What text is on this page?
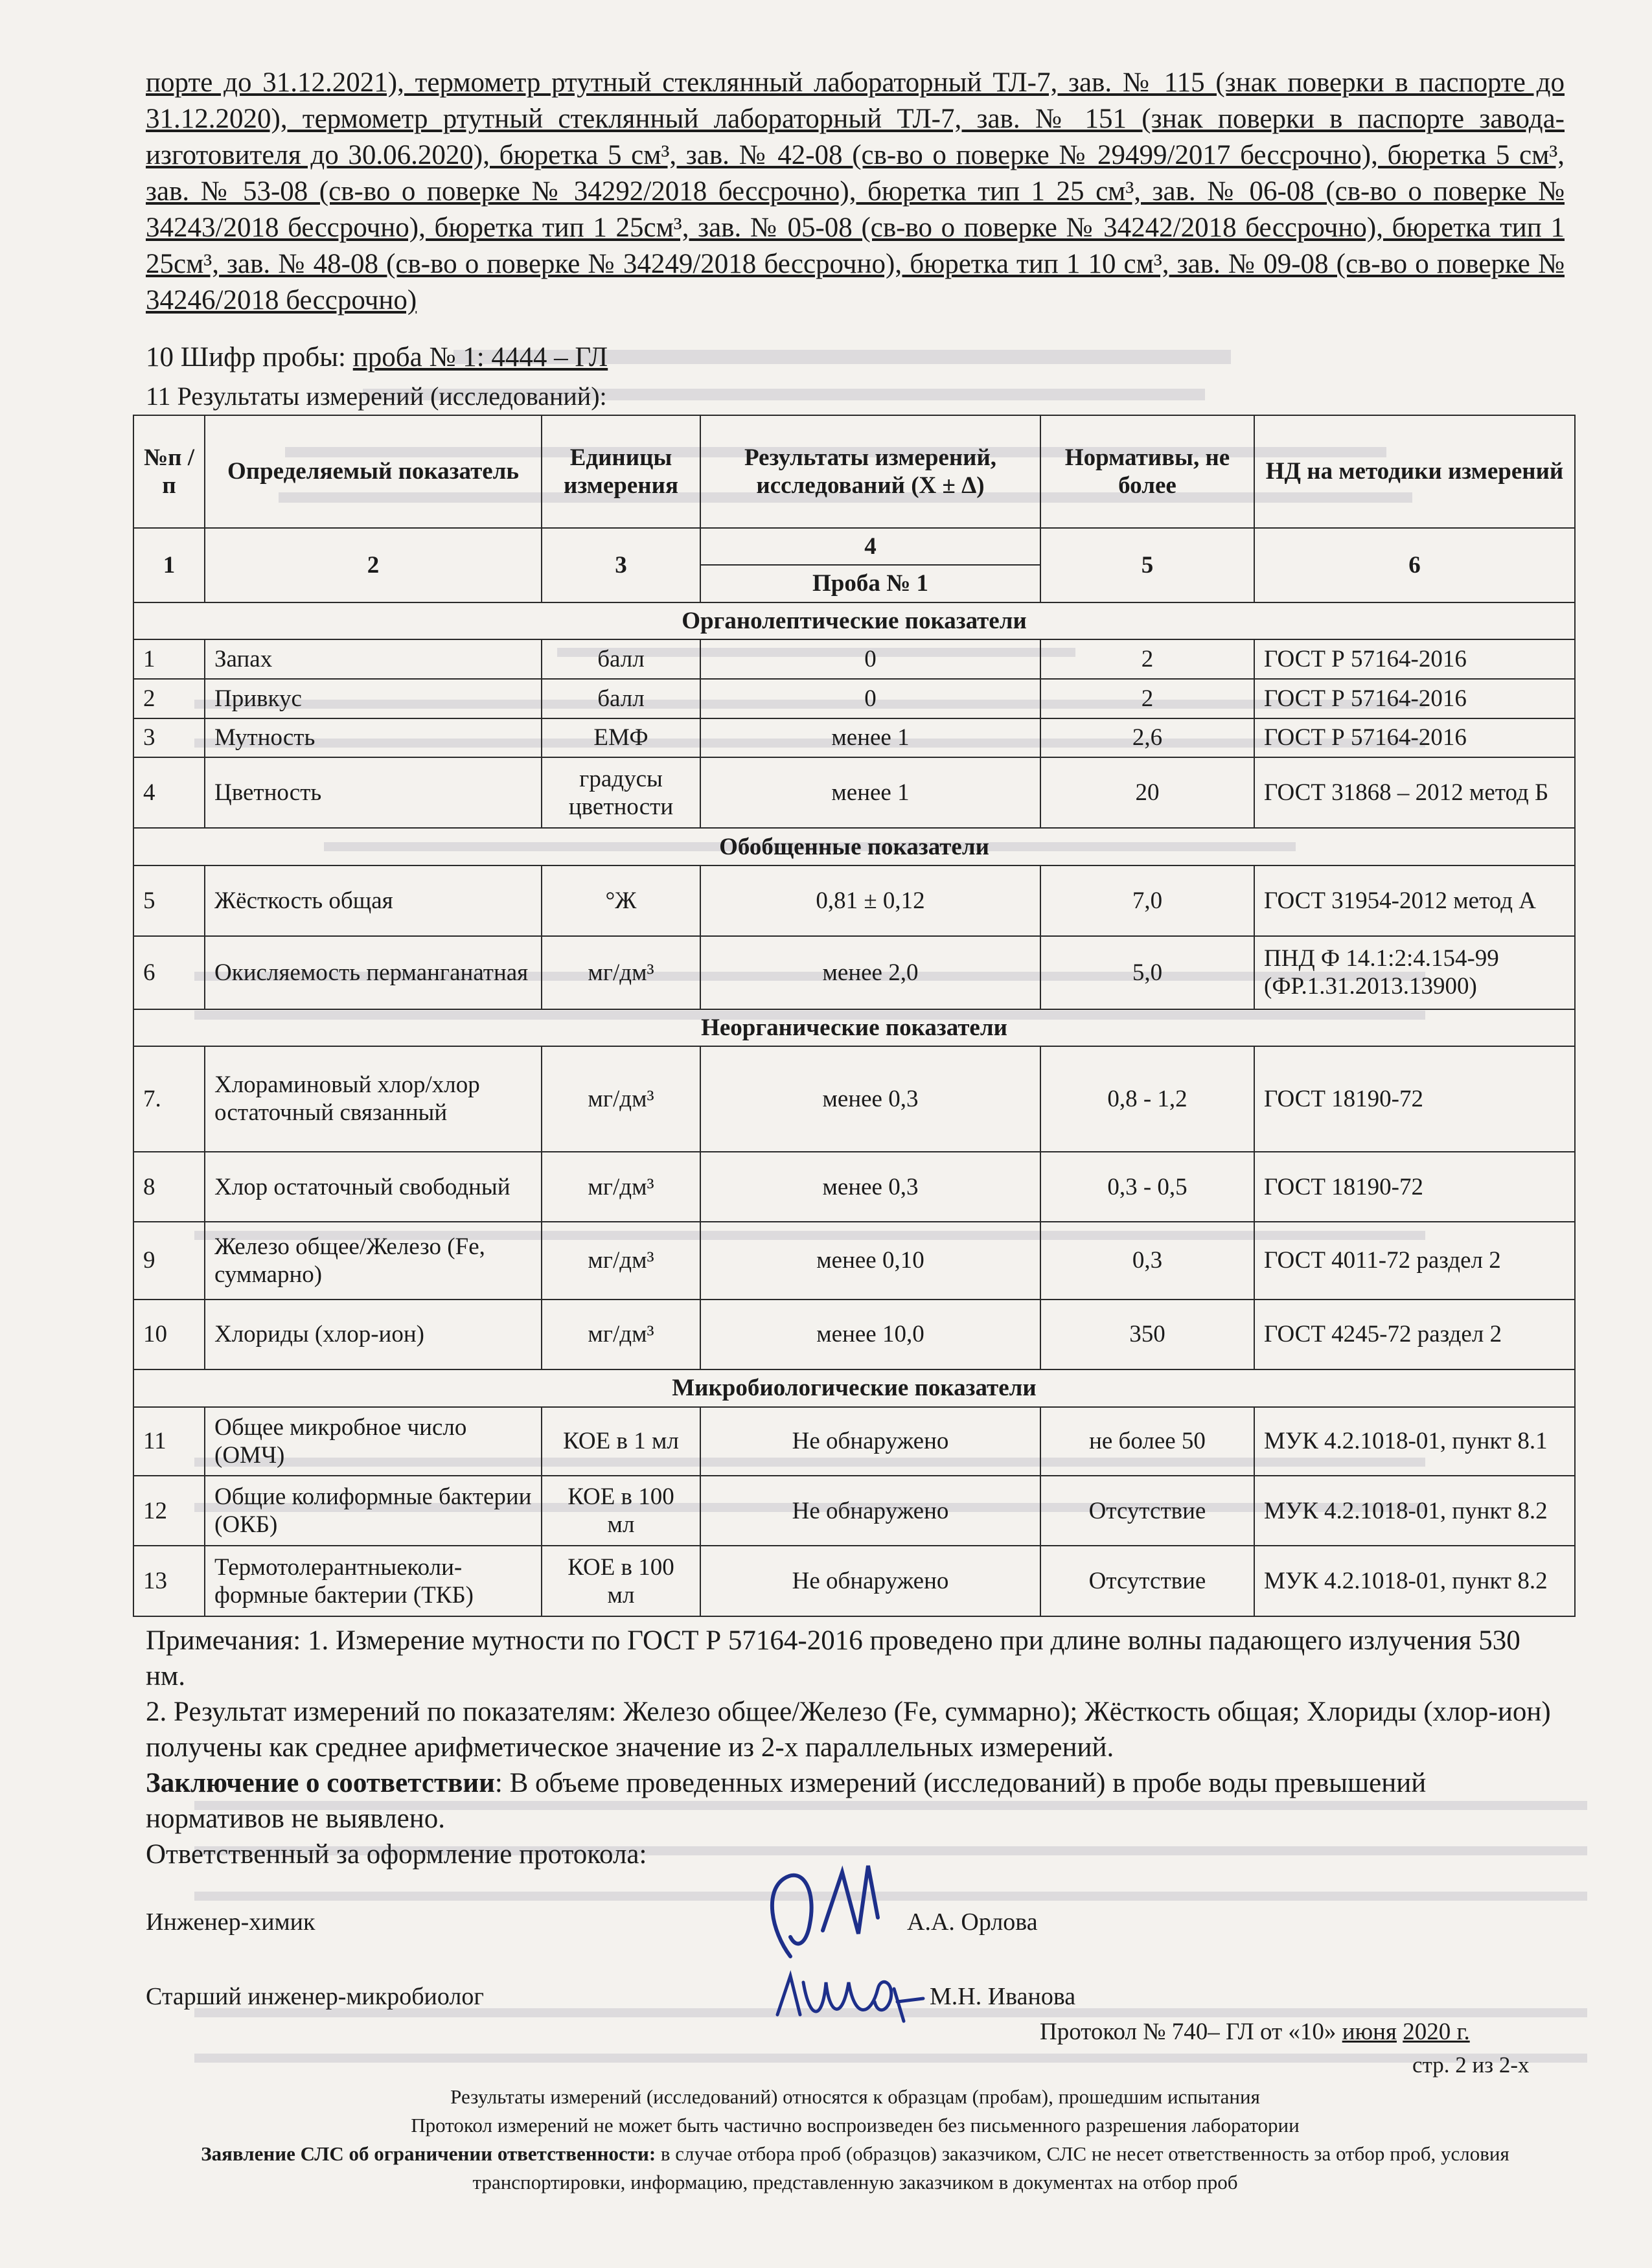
порте до 31.12.2021), термометр ртутный стеклянный лабораторный ТЛ-7, зав. № 115 (знак поверки в паспорте до 31.12.2020), термометр ртутный стеклянный лабораторный ТЛ-7, зав. № 151 (знак поверки в паспорте завода-изготовителя до 30.06.2020), бюретка 5 см³, зав. № 42-08 (св-во о поверке № 29499/2017 бессрочно), бюретка 5 см³, зав. № 53-08 (св-во о поверке № 34292/2018 бессрочно), бюретка тип 1 25 см³, зав. № 06-08 (св-во о поверке № 34243/2018 бессрочно), бюретка тип 1 25см³, зав. № 05-08 (св-во о поверке № 34242/2018 бессрочно), бюретка тип 1 25см³, зав. № 48-08 (св-во о поверке № 34249/2018 бессрочно), бюретка тип 1 10 см³, зав. № 09-08 (св-во о поверке № 34246/2018 бессрочно)
10 Шифр пробы: проба № 1: 4444 – ГЛ
11 Результаты измерений (исследований):
№п /п	Определяемый показатель	Единицы измерения	Результаты измерений, исследований (X ± Δ)	Нормативы, не более	НД на методики измерений
1	2	3	4	5	6
			Проба № 1		
Органолептические показатели					
1	Запах	балл	0	2	ГОСТ Р 57164-2016
2	Привкус	балл	0	2	ГОСТ Р 57164-2016
3	Мутность	ЕМФ	менее 1	2,6	ГОСТ Р 57164-2016
4	Цветность	градусы цветности	менее 1	20	ГОСТ 31868 – 2012 метод Б
Обобщенные показатели					
5	Жёсткость общая	°Ж	0,81 ± 0,12	7,0	ГОСТ 31954-2012 метод А
6	Окисляемость перманганатная	мг/дм³	менее 2,0	5,0	ПНД Ф 14.1:2:4.154-99 (ФР.1.31.2013.13900)
Неорганические показатели					
7.	Хлораминовый хлор/хлор остаточный связанный	мг/дм³	менее 0,3	0,8 - 1,2	ГОСТ 18190-72
8	Хлор остаточный свободный	мг/дм³	менее 0,3	0,3 - 0,5	ГОСТ 18190-72
9	Железо общее/Железо (Fe, суммарно)	мг/дм³	менее 0,10	0,3	ГОСТ 4011-72 раздел 2
10	Хлориды (хлор-ион)	мг/дм³	менее 10,0	350	ГОСТ 4245-72 раздел 2
Микробиологические показатели					
11	Общее микробное число (ОМЧ)	КОЕ в 1 мл	Не обнаружено	не более 50	МУК 4.2.1018-01, пункт 8.1
12	Общие колиформные бактерии (ОКБ)	КОЕ в 100 мл	Не обнаружено	Отсутствие	МУК 4.2.1018-01, пункт 8.2
13	Термотолерантныеколи-формные бактерии (ТКБ)	КОЕ в 100 мл	Не обнаружено	Отсутствие	МУК 4.2.1018-01, пункт 8.2

Примечания: 1. Измерение мутности по ГОСТ Р 57164-2016 проведено при длине волны падающего излучения 530 нм.

2. Результат измерений по показателям: Железо общее/Железо (Fe, суммарно); Жёсткость общая; Хлориды (хлор-ион) получены как среднее арифметическое значение из 2-х параллельных измерений.

Заключение о соответствии: В объеме проведенных измерений (исследований) в пробе воды превышений нормативов не выявлено.

Ответственный за оформление протокола:

Инженер-химик	А.А. Орлова
Старший инженер-микробиолог	М.Н. Иванова
Протокол № 740– ГЛ от «10» июня 2020 г.
стр. 2 из 2-х
Результаты измерений (исследований) относятся к образцам (пробам), прошедшим испытания
Протокол измерений не может быть частично воспроизведен без письменного разрешения лаборатории
Заявление СЛС об ограничении ответственности: в случае отбора проб (образцов) заказчиком, СЛС не несет ответственность за отбор проб, условия транспортировки, информацию, представленную заказчиком в документах на отбор проб
